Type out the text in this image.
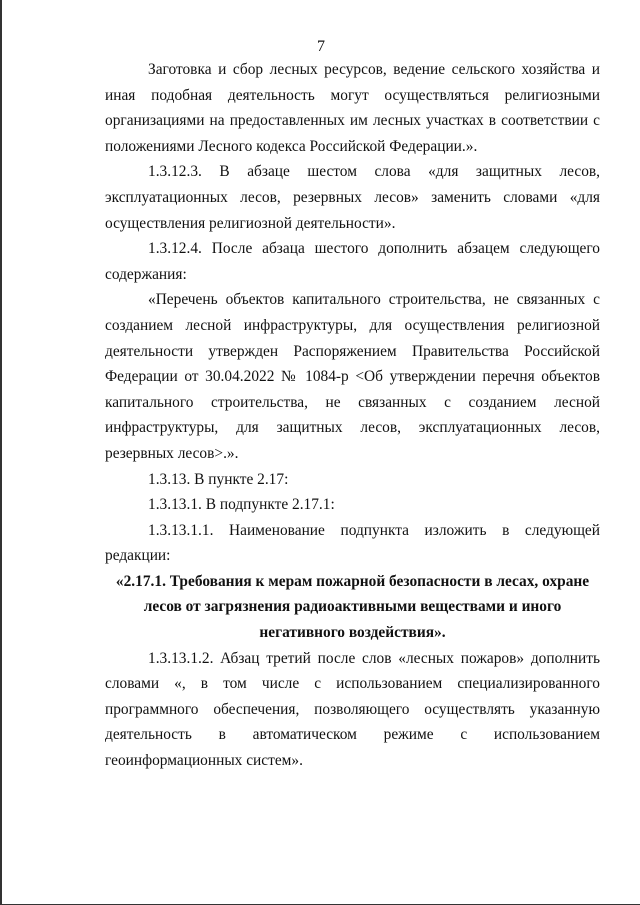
7

Заготовка и сбор лесных ресурсов, ведение сельского хозяйства и иная подобная деятельность могут осуществляться религиозными организациями на предоставленных им лесных участках в соответствии с положениями Лесного кодекса Российской Федерации.».

1.3.12.3. В абзаце шестом слова «для защитных лесов, эксплуатационных лесов, резервных лесов» заменить словами «для осуществления религиозной деятельности».

1.3.12.4. После абзаца шестого дополнить абзацем следующего содержания:

«Перечень объектов капитального строительства, не связанных с созданием лесной инфраструктуры, для осуществления религиозной деятельности утвержден Распоряжением Правительства Российской Федерации от 30.04.2022 № 1084-р <Об утверждении перечня объектов капитального строительства, не связанных с созданием лесной инфраструктуры, для защитных лесов, эксплуатационных лесов, резервных лесов>.».

1.3.13. В пункте 2.17:

1.3.13.1. В подпункте 2.17.1:

1.3.13.1.1. Наименование подпункта изложить в следующей редакции:

«2.17.1. Требования к мерам пожарной безопасности в лесах, охране лесов от загрязнения радиоактивными веществами и иного негативного воздействия».

1.3.13.1.2. Абзац третий после слов «лесных пожаров» дополнить словами «, в том числе с использованием специализированного программного обеспечения, позволяющего осуществлять указанную деятельность в автоматическом режиме с использованием геоинформационных систем».
